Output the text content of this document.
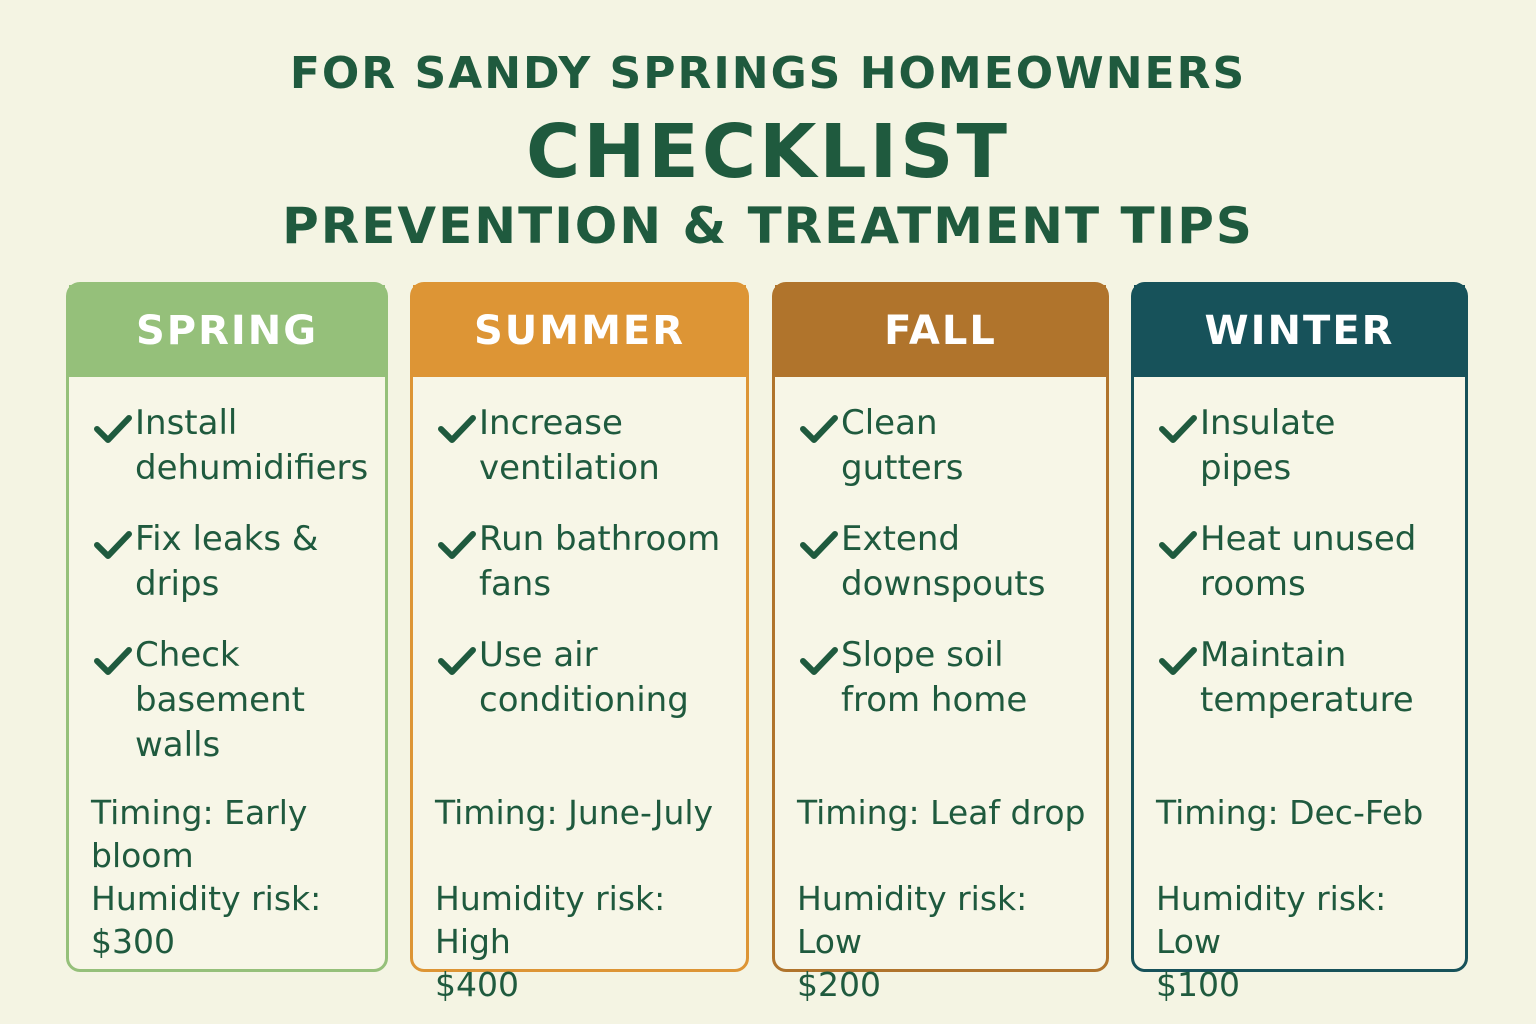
FOR SANDY SPRINGS HOMEOWNERS
CHECKLIST
PREVENTION & TREATMENT TIPS
SPRING
Install dehumidifiers
Fix leaks & drips
Check basement walls
Timing: Early bloom
Humidity risk:
$300
SUMMER
Increase ventilation
Run bathroom fans
Use air conditioning
Timing: June-July
Humidity risk: High
$400
FALL
Clean gutters
Extend downspouts
Slope soil from home
Timing: Leaf drop
Humidity risk: Low
$200
WINTER
Insulate pipes
Heat unused rooms
Maintain temperature
Timing: Dec-Feb
Humidity risk: Low
$100
